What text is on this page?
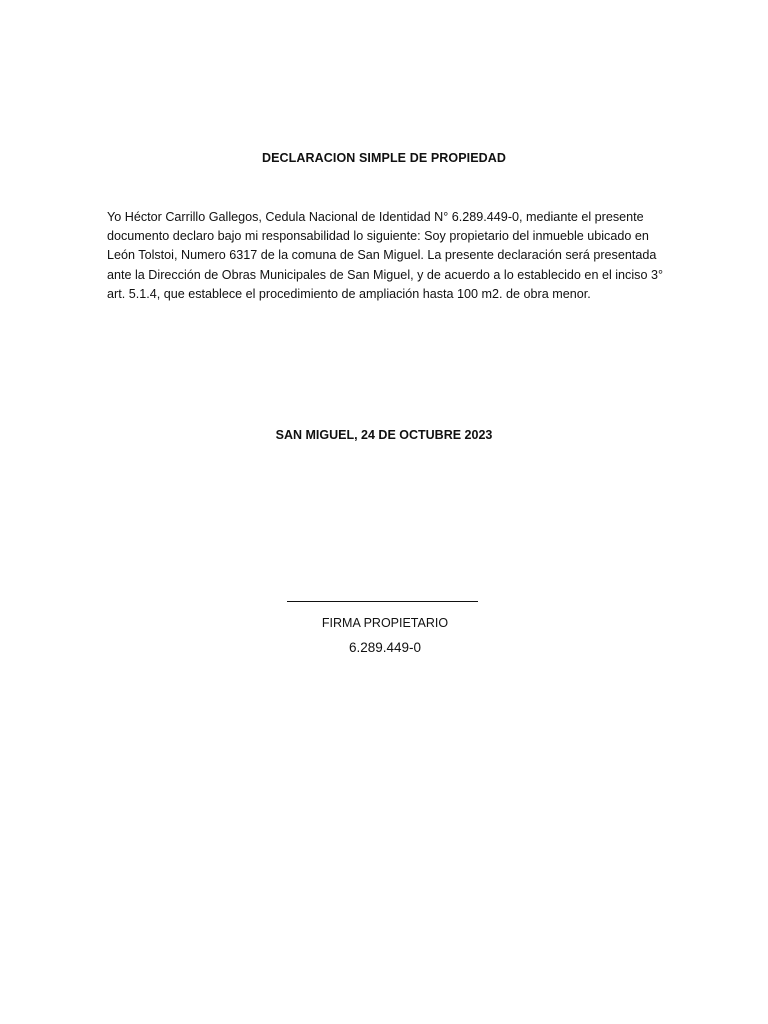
DECLARACION SIMPLE DE PROPIEDAD
Yo Héctor Carrillo Gallegos, Cedula Nacional de Identidad N° 6.289.449-0, mediante el presente
documento declaro bajo mi responsabilidad lo siguiente: Soy propietario del inmueble ubicado en
León Tolstoi, Numero 6317 de la comuna de San Miguel. La presente declaración será presentada
ante la Dirección de Obras Municipales de San Miguel, y de acuerdo a lo establecido en el inciso 3°
art. 5.1.4, que establece el procedimiento de ampliación hasta 100 m2. de obra menor.
SAN MIGUEL, 24 DE OCTUBRE 2023
FIRMA PROPIETARIO
6.289.449-0
